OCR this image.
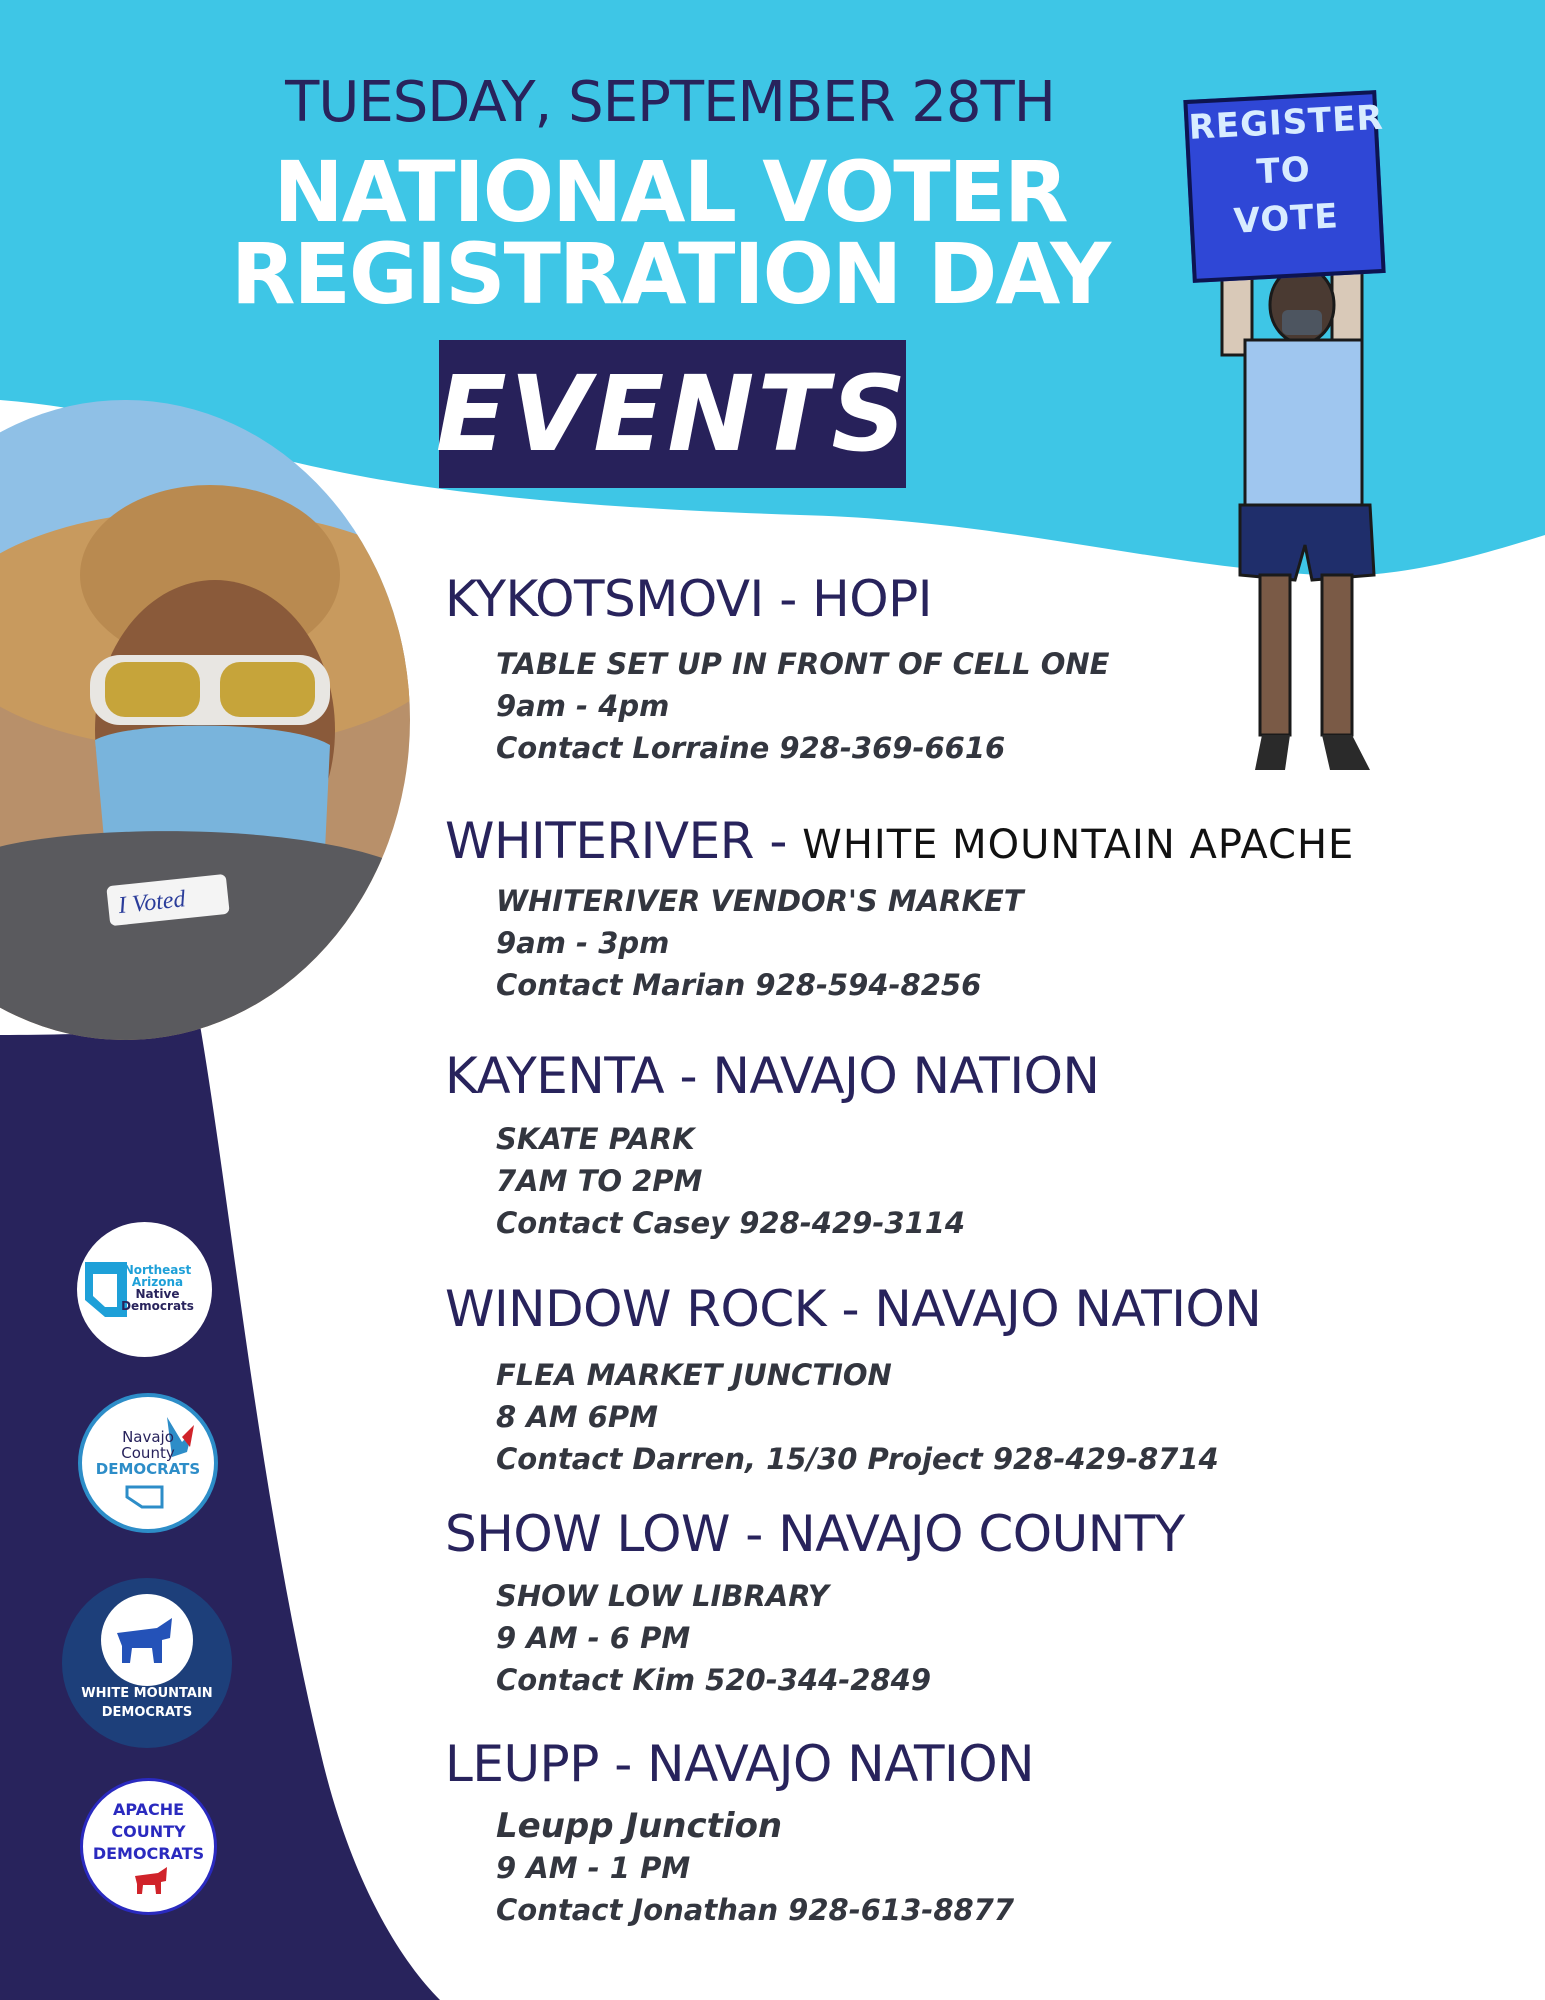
TUESDAY, SEPTEMBER 28TH
NATIONAL VOTER
REGISTRATION DAY
EVENTS
I Voted
REGISTER
TO
VOTE
KYKOTSMOVI - HOPI
TABLE SET UP IN FRONT OF CELL ONE
9am - 4pm
Contact Lorraine 928-369-6616
WHITERIVER - WHITE MOUNTAIN APACHE
WHITERIVER VENDOR'S MARKET
9am - 3pm
Contact Marian 928-594-8256
KAYENTA - NAVAJO NATION
SKATE PARK
7AM TO 2PM
Contact Casey 928-429-3114
WINDOW ROCK - NAVAJO NATION
FLEA MARKET JUNCTION
8 AM 6PM
Contact Darren, 15/30 Project 928-429-8714
SHOW LOW - NAVAJO COUNTY
SHOW LOW LIBRARY
9 AM - 6 PM
Contact Kim 520-344-2849
LEUPP - NAVAJO NATION
Leupp Junction
9 AM - 1 PM
Contact Jonathan 928-613-8877
Northeast
Arizona
Native
Democrats
Navajo
County
DEMOCRATS
WHITE MOUNTAIN
DEMOCRATS
APACHE
COUNTY
DEMOCRATS
